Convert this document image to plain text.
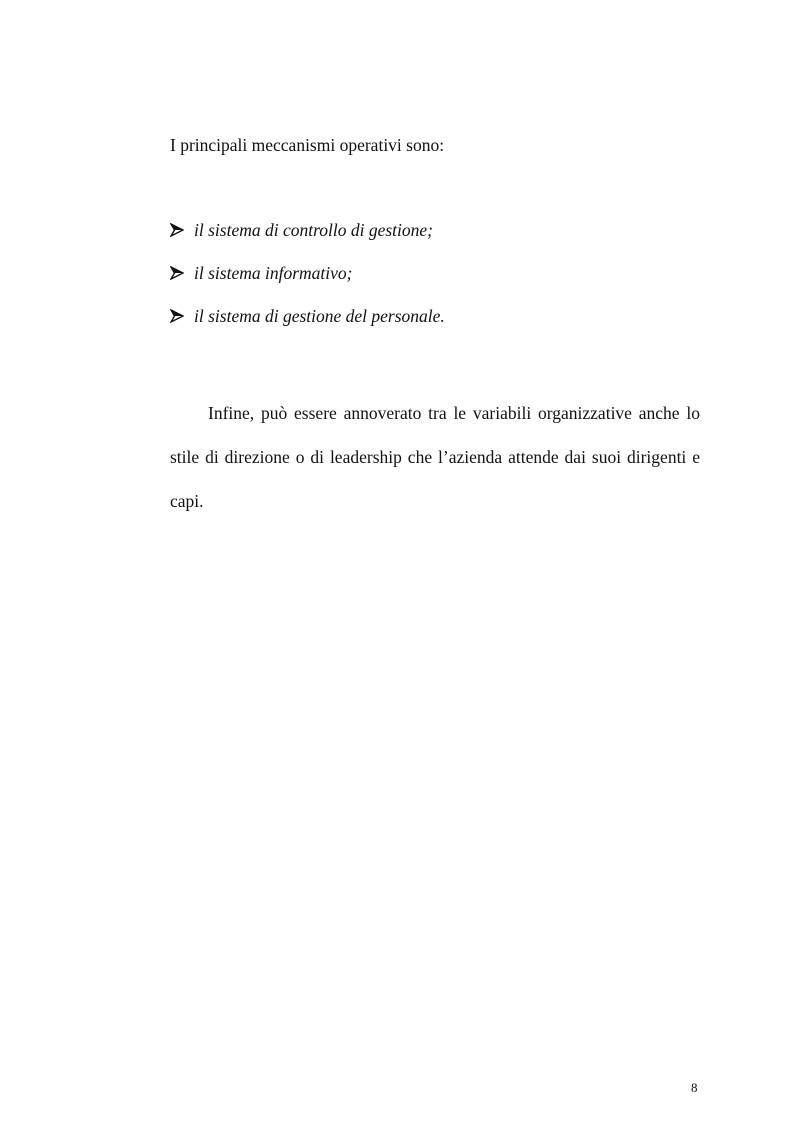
I principali meccanismi operativi sono:

il sistema di controllo di gestione;
il sistema informativo;
il sistema di gestione del personale.

Infine, può essere annoverato tra le variabili organizzative anche lo stile di direzione o di leadership che l’azienda attende dai suoi dirigenti e capi.

8
